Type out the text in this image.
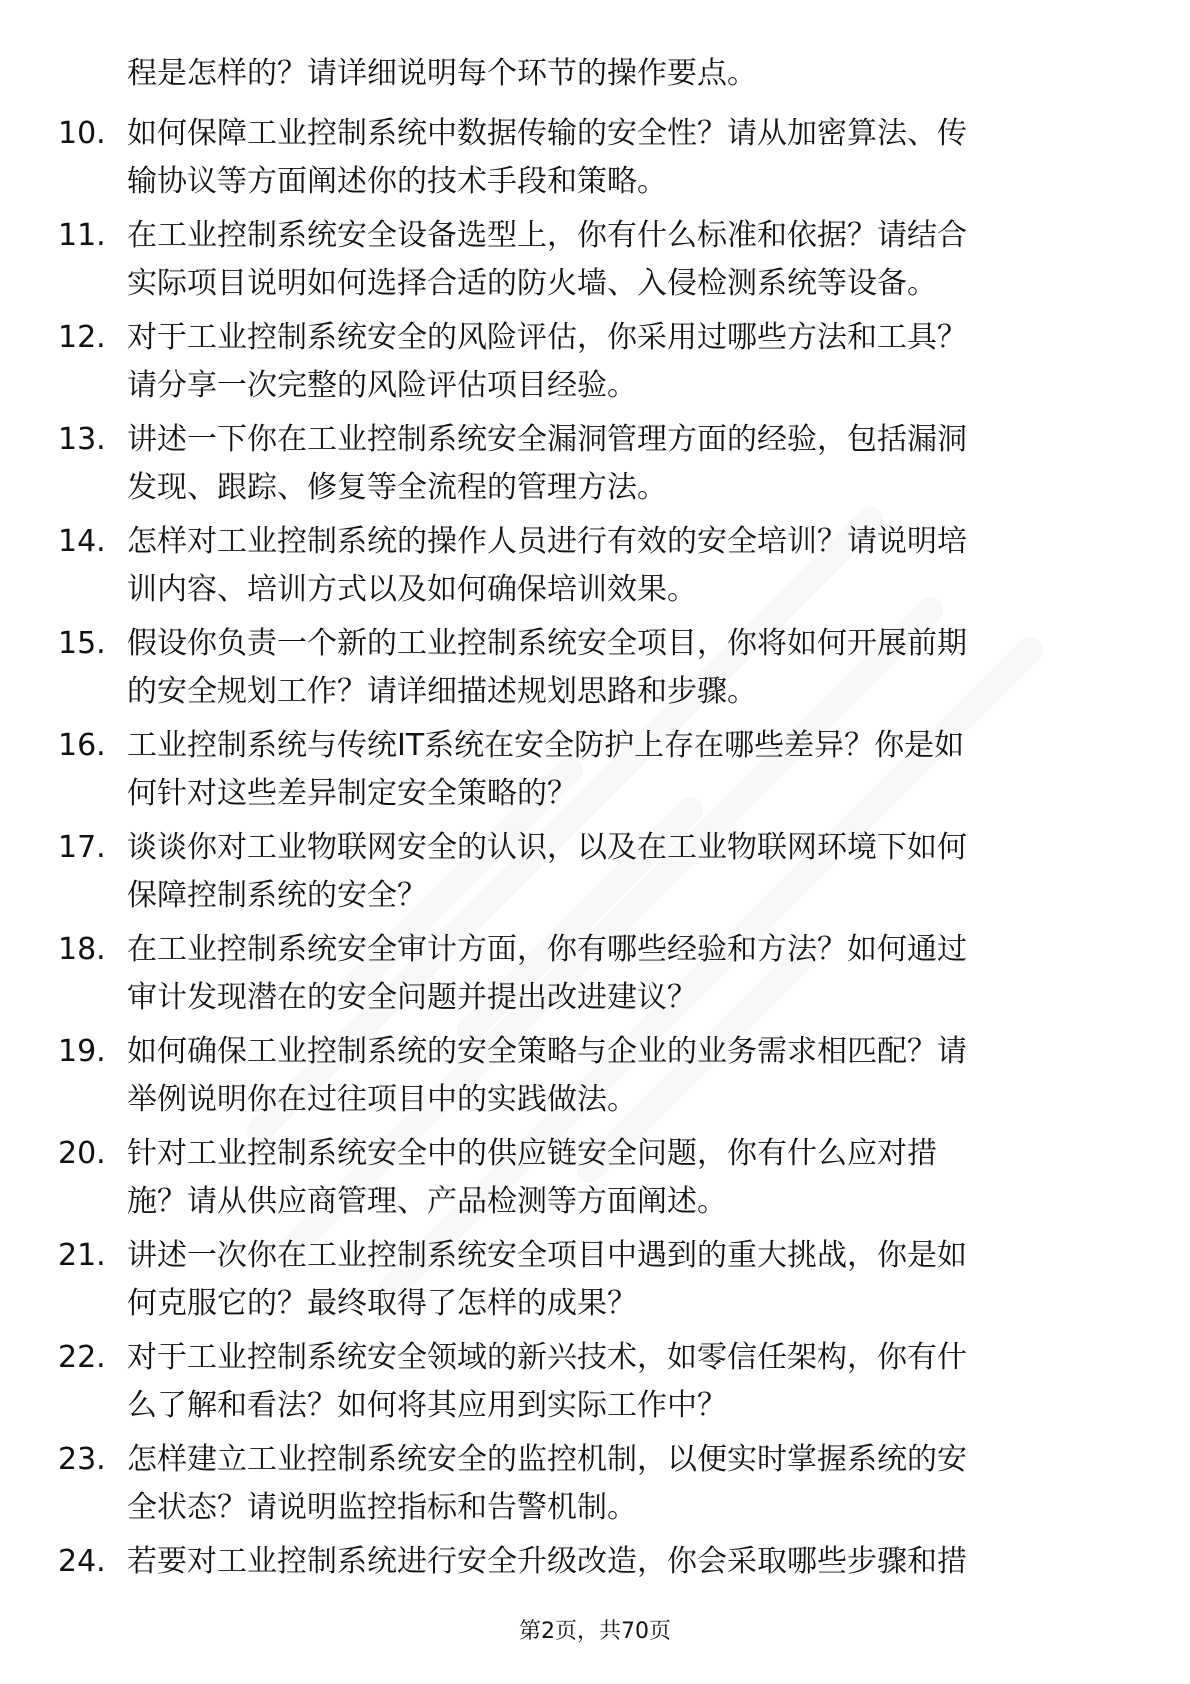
程是怎样的？请详细说明每个环节的操作要点。
10. 如何保障工业控制系统中数据传输的安全性？请从加密算法、传
输协议等方面阐述你的技术手段和策略。
11. 在工业控制系统安全设备选型上，你有什么标准和依据？请结合
实际项目说明如何选择合适的防火墙、入侵检测系统等设备。
12. 对于工业控制系统安全的风险评估，你采用过哪些方法和工具？
请分享一次完整的风险评估项目经验。
13. 讲述一下你在工业控制系统安全漏洞管理方面的经验，包括漏洞
发现、跟踪、修复等全流程的管理方法。
14. 怎样对工业控制系统的操作人员进行有效的安全培训？请说明培
训内容、培训方式以及如何确保培训效果。
15. 假设你负责一个新的工业控制系统安全项目，你将如何开展前期
的安全规划工作？请详细描述规划思路和步骤。
16. 工业控制系统与传统IT系统在安全防护上存在哪些差异？你是如
何针对这些差异制定安全策略的？
17. 谈谈你对工业物联网安全的认识，以及在工业物联网环境下如何
保障控制系统的安全？
18. 在工业控制系统安全审计方面，你有哪些经验和方法？如何通过
审计发现潜在的安全问题并提出改进建议？
19. 如何确保工业控制系统的安全策略与企业的业务需求相匹配？请
举例说明你在过往项目中的实践做法。
20. 针对工业控制系统安全中的供应链安全问题，你有什么应对措
施？请从供应商管理、产品检测等方面阐述。
21. 讲述一次你在工业控制系统安全项目中遇到的重大挑战，你是如
何克服它的？最终取得了怎样的成果？
22. 对于工业控制系统安全领域的新兴技术，如零信任架构，你有什
么了解和看法？如何将其应用到实际工作中？
23. 怎样建立工业控制系统安全的监控机制，以便实时掌握系统的安
全状态？请说明监控指标和告警机制。
24. 若要对工业控制系统进行安全升级改造，你会采取哪些步骤和措
第2页，共70页
